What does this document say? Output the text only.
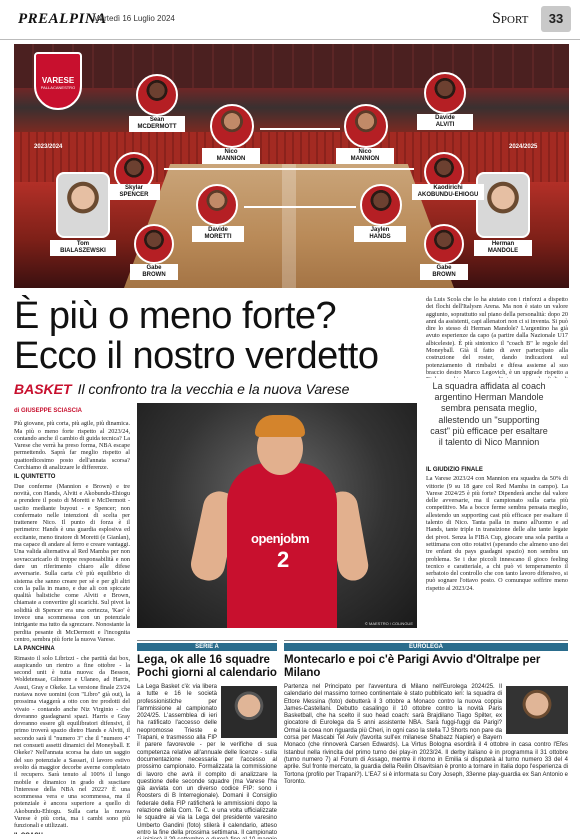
PREALPINA
Martedì 16 Luglio 2024	Sport	33
VARESE
PALLACANESTRO
2023/2024	2024/2025
Sean
MCDERMOTT
Davide
ALVITI
Nico
MANNION
Nico
MANNION
Skylar
SPENCER
Kaodirichi
AKOBUNDU-EHIOGU
Tom
BIALASZEWSKI
Davide
MORETTI
Jaylen
HANDS
Herman
MANDOLE
Gabe
BROWN
Gabe
BROWN
È più o meno forte?
Ecco il nostro verdetto
BASKET Il confronto tra la vecchia e la nuova Varese
di GIUSEPPE SCIASCIA

Più giovane, più corta, più agile, più dinamica. Ma più o meno forte rispetto al 2023/24, contando anche il cambio di guida tecnica? La Varese che verrà ha preso forma, NBA escape permettendo. Saprà far meglio rispetto al quattordicesimo posto dell'annata scorsa? Cerchiamo di analizzare le differenze.

IL QUINTETTO

Due conferme (Mannion e Brown) e tre novità, con Hands, Alviti e Akobundu-Ehiogu a prendere il posto di Moretti e McDermott - uscito mediante buyout - e Spencer; non confermato nelle intenzioni di scelta per trattenere Nico. Il punto di forza è il perimetro: Hands è una guardia esplosiva ed eccitante, meno tiratore di Moretti (e Gianlan), ma capace di andare al ferro e creare vantaggi. Una valida alternativa al Red Mamba per non sovraccaricarlo di troppe responsabilità e non dare un riferimento chiaro alle difese avversarie. Sulla carta c'è più equilibrio di sistema che sanno creare per sé e per gli altri con la palla in mano, e due ali con spiccate qualità balistiche come Alviti e Brown, chiamate a convertire gli scarichi. Sul pivot la solidità di Spencer era una certezza, 'Kao' è invece una scommessa con un potenziale intrigante ma tutto da sgrezzare. Nonostante la perdita pesante di McDermott e l'incognita centro, sembra più forte la nuova Varese.

LA PANCHINA

Rimasto il solo Librizzi - che partità dai box, auspicando un rientro a fine ottobre - la second unit è tutta nuova: da Besson, Woldetensae, Gilmore e Ulaneo, ad Harris, Assui, Gray e Okeke. La versione finale 23/24 ruotava nove uomini (con "Libro" già out), la prossima viaggerà a otto con tre prodotti del vivaio - contando anche Niz Virginio - che dovranno guadagnarsi spazi. Harris e Gray dovranno essere gli equilibratori difensivi, il primo troverà spazio dietro Hands e Alviti, il secondo sarà il "numero 3" che il "numero 4" nei consueti assetti dinamici del Moneyball. E Okeke? Nell'annata scorsa ha dato un saggio del suo potenziale a Sassari, il lavoro estivo svolto dà maggior decorbe averne completato il recupero. Sarà tenuto al 100% il lungo mobile e dinamico in grado di suscitare l'interesse della NBA nel 2022? È una scommessa vera e una scommessa, ma il potenziale è ancora superiore a quello di Akobundu-Ehiogu. Sulla carta la nuova Varese è più corta, ma i cambi sono più funzionali e utilizzati.

da Luis Scola che lo ha aiutato con i rinforzi a dispetto dei flochi dell'Italysm Arena. Ma non è stato un valore aggiunto, soprattutto sul piano della personalità: dopo 20 anni da assistenti, capi allenatori non ci si inventa. Si può dire lo stesso di Herman Mandole? L'argentino ha già avuto esperienze da capo (a partire dalla Nazionale U17 albiceleste). È più sintonico il "coach B" le regole del Moneyball. Già il fatto di aver partecipato alla costruzione del roster, dando indicazioni sul potenziamento di rimbalzi e difesa assieme al suo braccio destro Marco Legovich, è un upgrade rispetto a

La squadra affidata al coach argentino Herman Mandole sembra pensata meglio, allestendo un "supporting cast" più efficace per esaltare il talento di Nico Mannion
IL GIUDIZIO FINALE

La Varese 2023/24 con Mannion era squadra da 50% di vittorie (9 su 18 gare col Red Mamba in campo). La Varese 2024/25 è più forte? Dipenderà anche dal valore delle avversarie, ma il campionato sulla carta più competitivo. Ma a bocce ferme sembra pensata meglio, allestendo un supporting cast più efficace per esaltare il talento di Nico. Tanta palla in mano all'uomo e ad Hands, tante triple in transizione delle alte tante legate dei pivot. Senza la FIBA Cup, giocare una sola partita a settimana con otto rotativi (sperando che almeno uno dei tre enfant du pays guadagni spazio) non sembra un problema. Se i due piccoli innescano il gioco feeling tecnico e caratteriale, a chi può vi temperamento il serbatoio del controllo che con tanto lavoro difensivo, si può sognare l'ottavo posto. O comunque soffrire meno rispetto al 2023/24.

openjobm
2
© MAESTRO / COLINGUE
SERIE A
Lega, ok alle 16 squadre Pochi giorni al calendario
La Lega Basket c'è: via libera a tutte e 16 le società professionistiche per l'ammissione al campionato 2024/25. L'assemblea di ieri ha ratificato l'accesso delle neopromosse Trieste e Trapani, e trasmesso alla FIP il parere favorevole - per le verifiche di sua competenza relative all'annuale delle licenze - sulla documentazione necessaria per l'accesso al prossimo campionato. Formalizzata la commissione di lavoro che avrà il compito di analizzare la questione delle seconde squadre (ma Varese l'ha già avviata con un diverso codice FIP: sono i Roosters di B Interregionale). Domani il Consiglio federale della FIP ratificherà le ammissioni dopo la relazione della Com. Te C. e una volta ufficializzate le squadre ai via la Lega del presidente varesino Umberto Gandini (foto) stilerà il calendario, atteso entro la fine della prossima settimana. Il campionato
EUROLEGA
Montecarlo e poi c'è Parigi Avvio d'Oltralpe per Milano
Partenza nel Principato per l'avventura di Milano nell'Eurolega 2024/25. Il calendario del massimo torneo continentale è stato pubblicato ieri: la squadra di Ettore Messina (foto) debutterà il 3 ottobre a Monaco contro la nuova coppia James-Castellani. Debutto casalingo il 10 ottobre contro la novità Paris Basketball, che ha scelto il suo head coach: sarà Brajdilano Tiago Spilter, ex giocatore di Eurolega da 5 anni assistente NBA. Sarà fuggi-fuggi da Parigi? Ormai la coea non riguarda più Cheri, in ogni caso la stella TJ Shorts non pare da corsa per Mascabi Tel Aviv (favorita sull'ex milanese Shabazz Napier) e Bayern Monaco (che rinnoverà Carsen Edwards). La Virtus Bologna esordirà il 4 ottobre in casa contro l'Efes Istanbul nella rivincita del primo turno dei play-in 2023/24. Il derby italiano è in programma il 31 ottobre (turno numero 7) al Forum di Assago, mentre il ritorno in Emilia si disputerà al turno numero 33 del 4 aprile. Sul fronte mercato, la guardia della Reilin Olsavitsian è pronto a tornare in Italia dopo l'esperienza di Tortona (profilo per Trapani?). L'EA7 si è informata su Cory Joseph, 33enne play-guardia ex San Antonio e Toronto.
